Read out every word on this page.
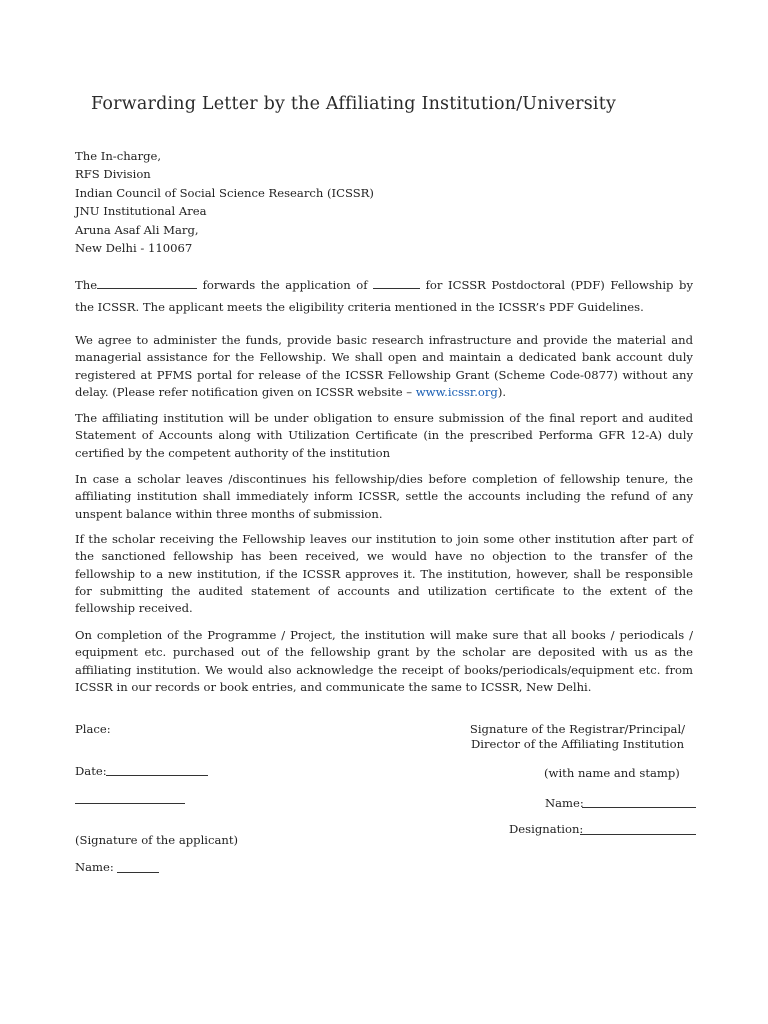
Forwarding Letter by the Affiliating Institution/University
The In-charge,
RFS Division
Indian Council of Social Science Research (ICSSR)
JNU Institutional Area
Aruna Asaf Ali Marg,
New Delhi - 110067
The	forwards the application of	for ICSSR Postdoctoral (PDF) Fellowship by
the ICSSR. The applicant meets the eligibility criteria mentioned in the ICSSR’s PDF Guidelines.

We agree to administer the funds, provide basic research infrastructure and provide the material and managerial assistance for the Fellowship. We shall open and maintain a dedicated bank account duly registered at PFMS portal for release of the ICSSR Fellowship Grant (Scheme Code-0877) without any delay. (Please refer notification given on ICSSR website – www.icssr.org).

The affiliating institution will be under obligation to ensure submission of the final report and audited Statement of Accounts along with Utilization Certificate (in the prescribed Performa GFR 12-A) duly certified by the competent authority of the institution

In case a scholar leaves /discontinues his fellowship/dies before completion of fellowship tenure, the affiliating institution shall immediately inform ICSSR, settle the accounts including the refund of any unspent balance within three months of submission.

If the scholar receiving the Fellowship leaves our institution to join some other institution after part of the sanctioned fellowship has been received, we would have no objection to the transfer of the fellowship to a new institution, if the ICSSR approves it. The institution, however, shall be responsible for submitting the audited statement of accounts and utilization certificate to the extent of the fellowship received.

On completion of the Programme / Project, the institution will make sure that all books / periodicals / equipment etc. purchased out of the fellowship grant by the scholar are deposited with us as the affiliating institution. We would also acknowledge the receipt of books/periodicals/equipment etc. from ICSSR in our records or book entries, and communicate the same to ICSSR, New Delhi.

Place:
Date:
(Signature of the applicant)
Name:
Signature of the Registrar/Principal/
Director of the Affiliating Institution
(with name and stamp)
Name:
Designation:
